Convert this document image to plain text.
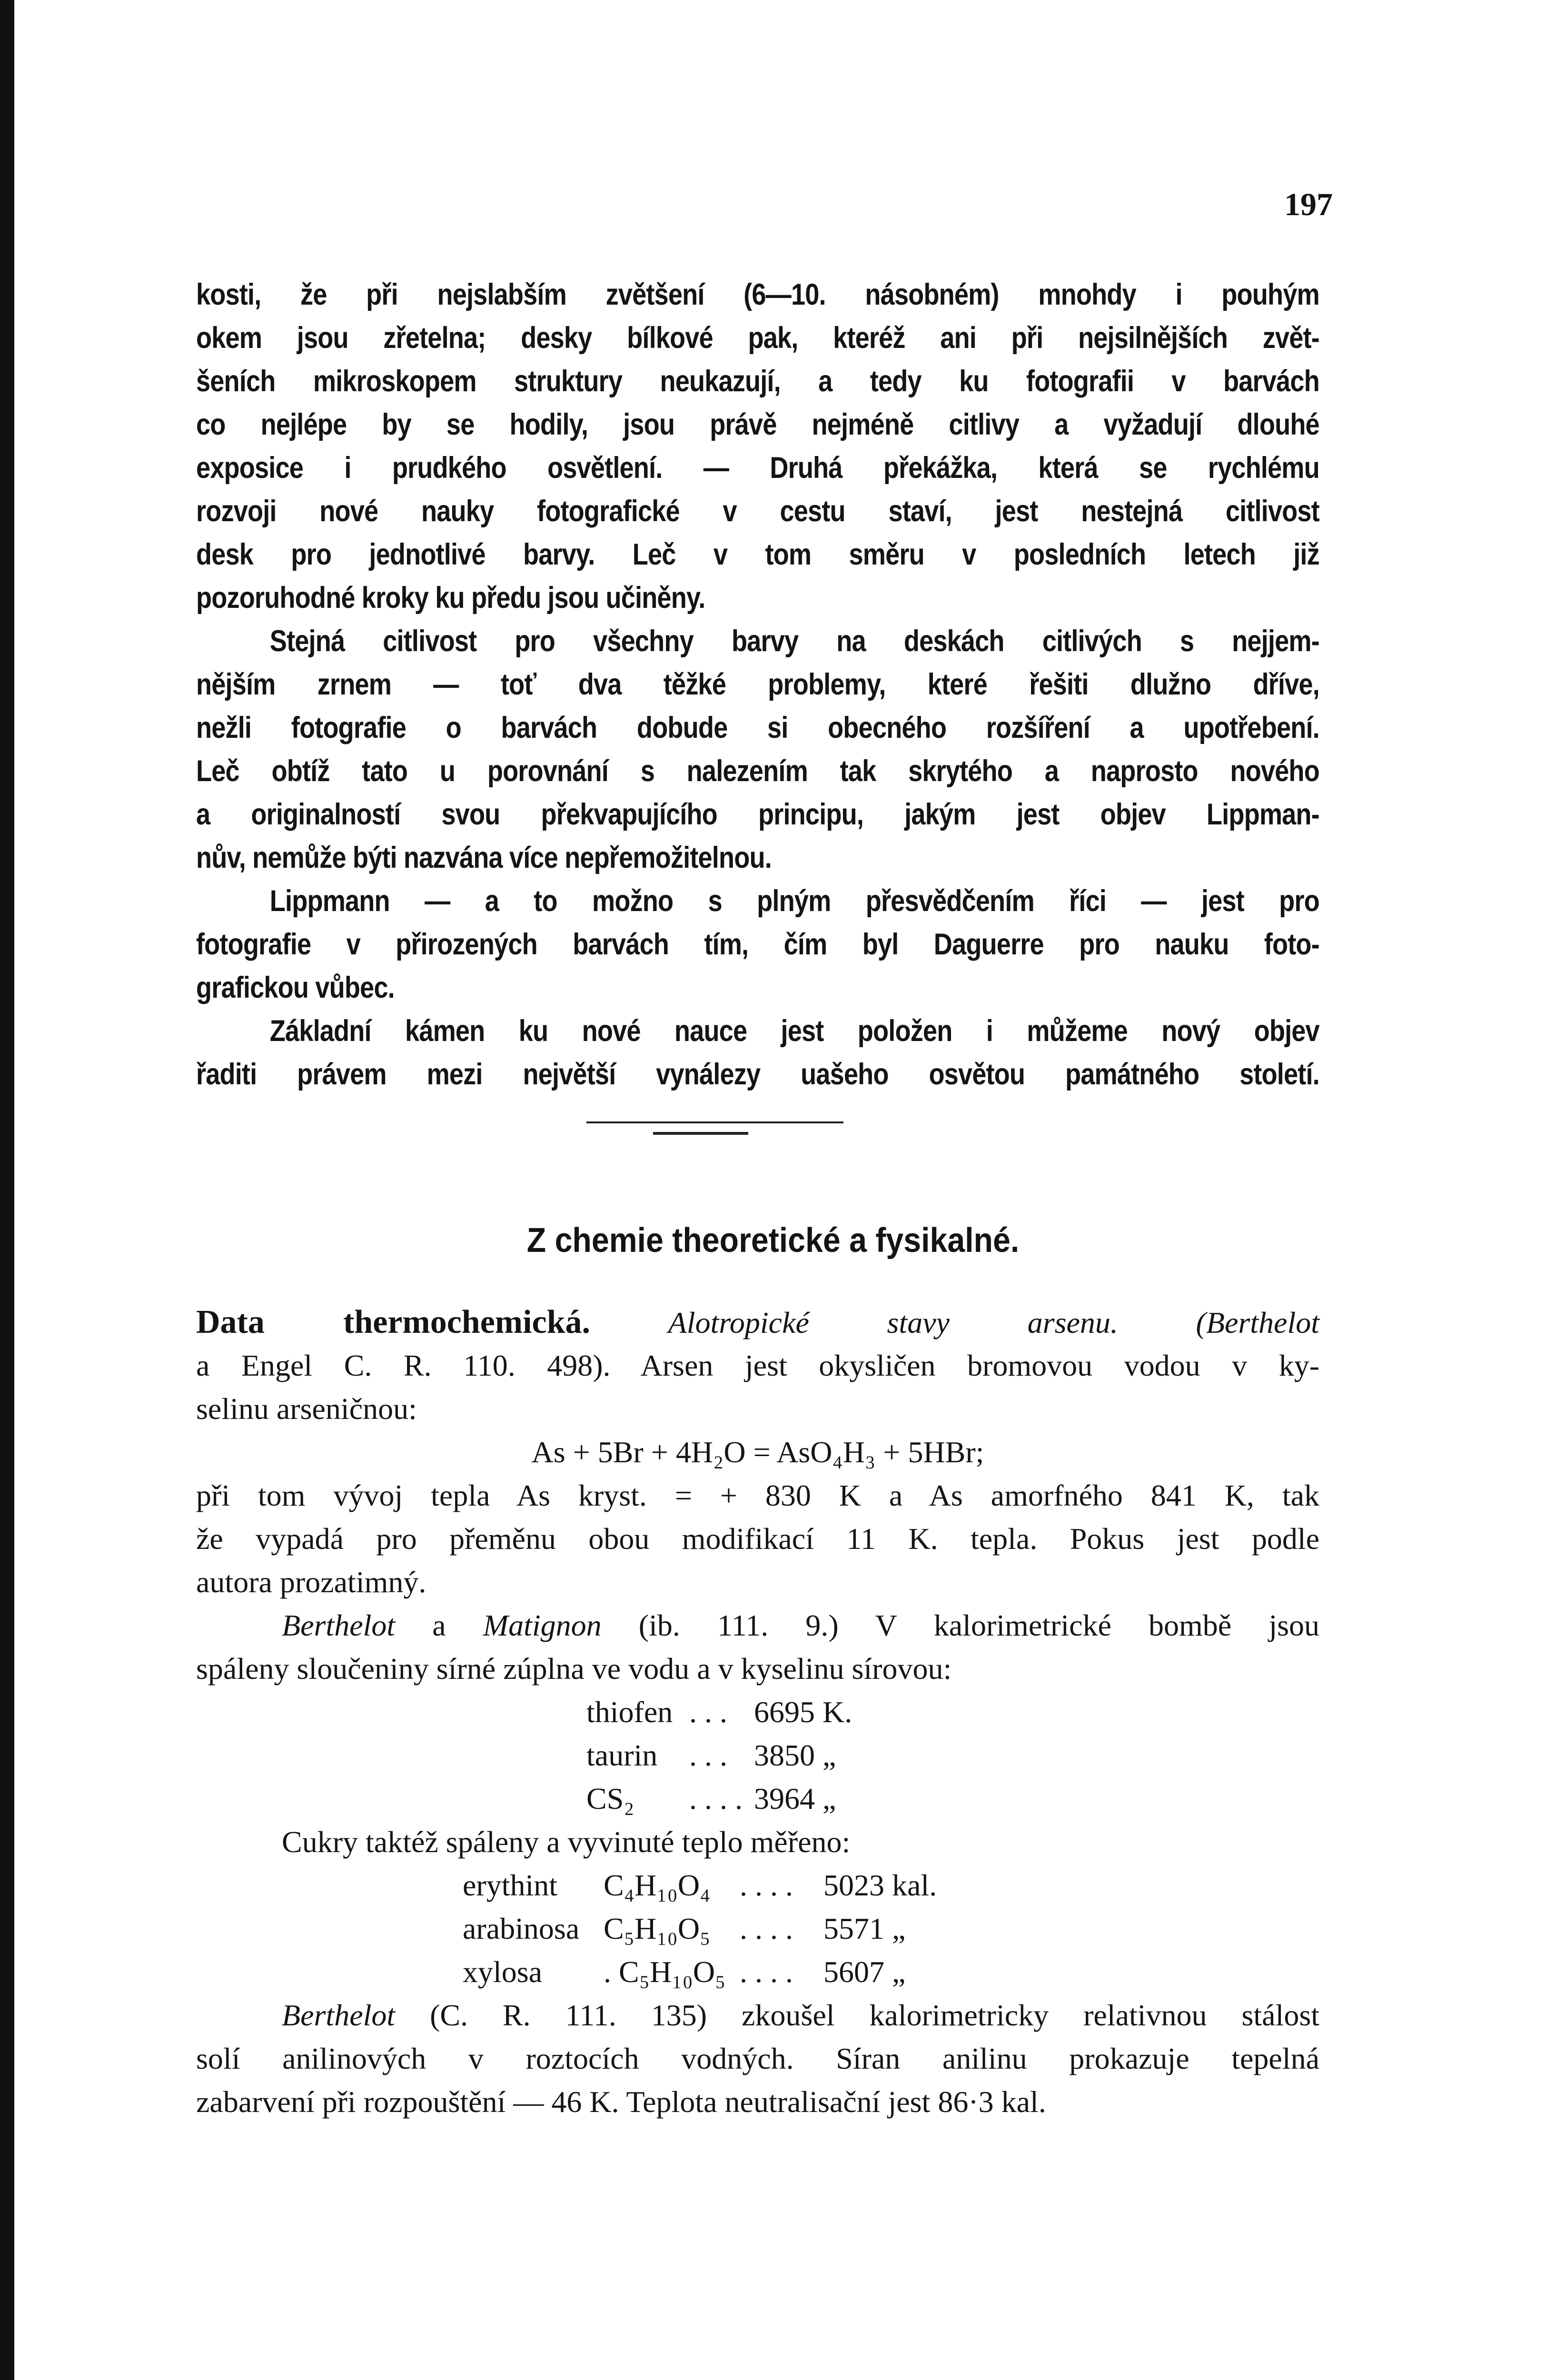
197
kosti, že při nejslabším zvětšení (6—10. násobném) mnohdy i pouhým
okem jsou zřetelna; desky bílkové pak, kteréž ani při nejsilnějších zvět-
šeních mikroskopem struktury neukazují, a tedy ku fotografii v barvách
co nejlépe by se hodily, jsou právě nejméně citlivy a vyžadují dlouhé
exposice i prudkého osvětlení. — Druhá překážka, která se rychlému
rozvoji nové nauky fotografické v cestu staví, jest nestejná citlivost
desk pro jednotlivé barvy. Leč v tom směru v posledních letech již
pozoruhodné kroky ku předu jsou učiněny.
Stejná citlivost pro všechny barvy na deskách citlivých s nejjem-
nějším zrnem — toť dva těžké problemy, které řešiti dlužno dříve,
nežli fotografie o barvách dobude si obecného rozšíření a upotřebení.
Leč obtíž tato u porovnání s nalezením tak skrytého a naprosto nového
a originalností svou překvapujícího principu, jakým jest objev Lippman-
nův, nemůže býti nazvána více nepřemožitelnou.
Lippmann — a to možno s plným přesvědčením říci — jest pro
fotografie v přirozených barvách tím, čím byl Daguerre pro nauku foto-
grafickou vůbec.
Základní kámen ku nové nauce jest položen i můžeme nový objev
řaditi právem mezi největší vynálezy uašeho osvětou památného století.
Z chemie theoretické a fysikalné.
Data thermochemická.	Alotropické stavy arsenu.	(Berthelot
a Engel C. R. 110. 498). Arsen jest okysličen bromovou vodou v ky-
selinu arseničnou:
As + 5Br + 4H₂O = AsO₄H₃ + 5HBr;
při tom vývoj tepla As kryst. = + 830 K a As amorfného 841 K, tak
že vypadá pro přeměnu obou modifikací 11 K. tepla. Pokus jest podle
autora prozatimný.
Berthelot a Matignon (ib. 111. 9.) V kalorimetrické bombě jsou
spáleny sloučeniny sírné zúplna ve vodu a v kyselinu sírovou:
thiofen . . . 6695 K.
taurin . . . 3850 „
CS₂ . . . . 3964 „
Cukry taktéž spáleny a vyvinuté teplo měřeno:
erythint C₄H₁₀O₄ . . . . 5023 kal.
arabinosa C₅H₁₀O₅ . . . . 5571 „
xylosa . C₅H₁₀O₅ . . . . 5607 „
Berthelot (C. R. 111. 135) zkoušel kalorimetricky relativnou stálost
solí anilinových v roztocích vodných. Síran anilinu prokazuje tepelná
zabarvení při rozpouštění — 46 K. Teplota neutralisační jest 86·3 kal.
